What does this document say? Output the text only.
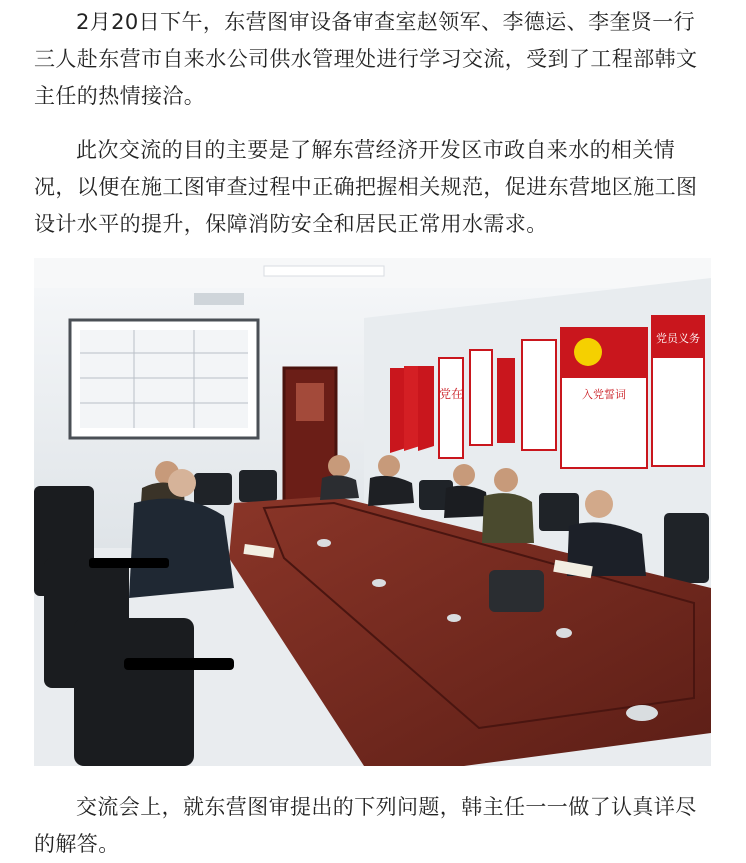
2月20日下午，东营图审设备审查室赵领军、李德运、李奎贤一行三人赴东营市自来水公司供水管理处进行学习交流，受到了工程部韩文主任的热情接洽。

此次交流的目的主要是了解东营经济开发区市政自来水的相关情况，以便在施工图审查过程中正确把握相关规范，促进东营地区施工图设计水平的提升，保障消防安全和居民正常用水需求。

党在	入党誓词
党员义务

交流会上，就东营图审提出的下列问题，韩主任一一做了认真详尽的解答。
